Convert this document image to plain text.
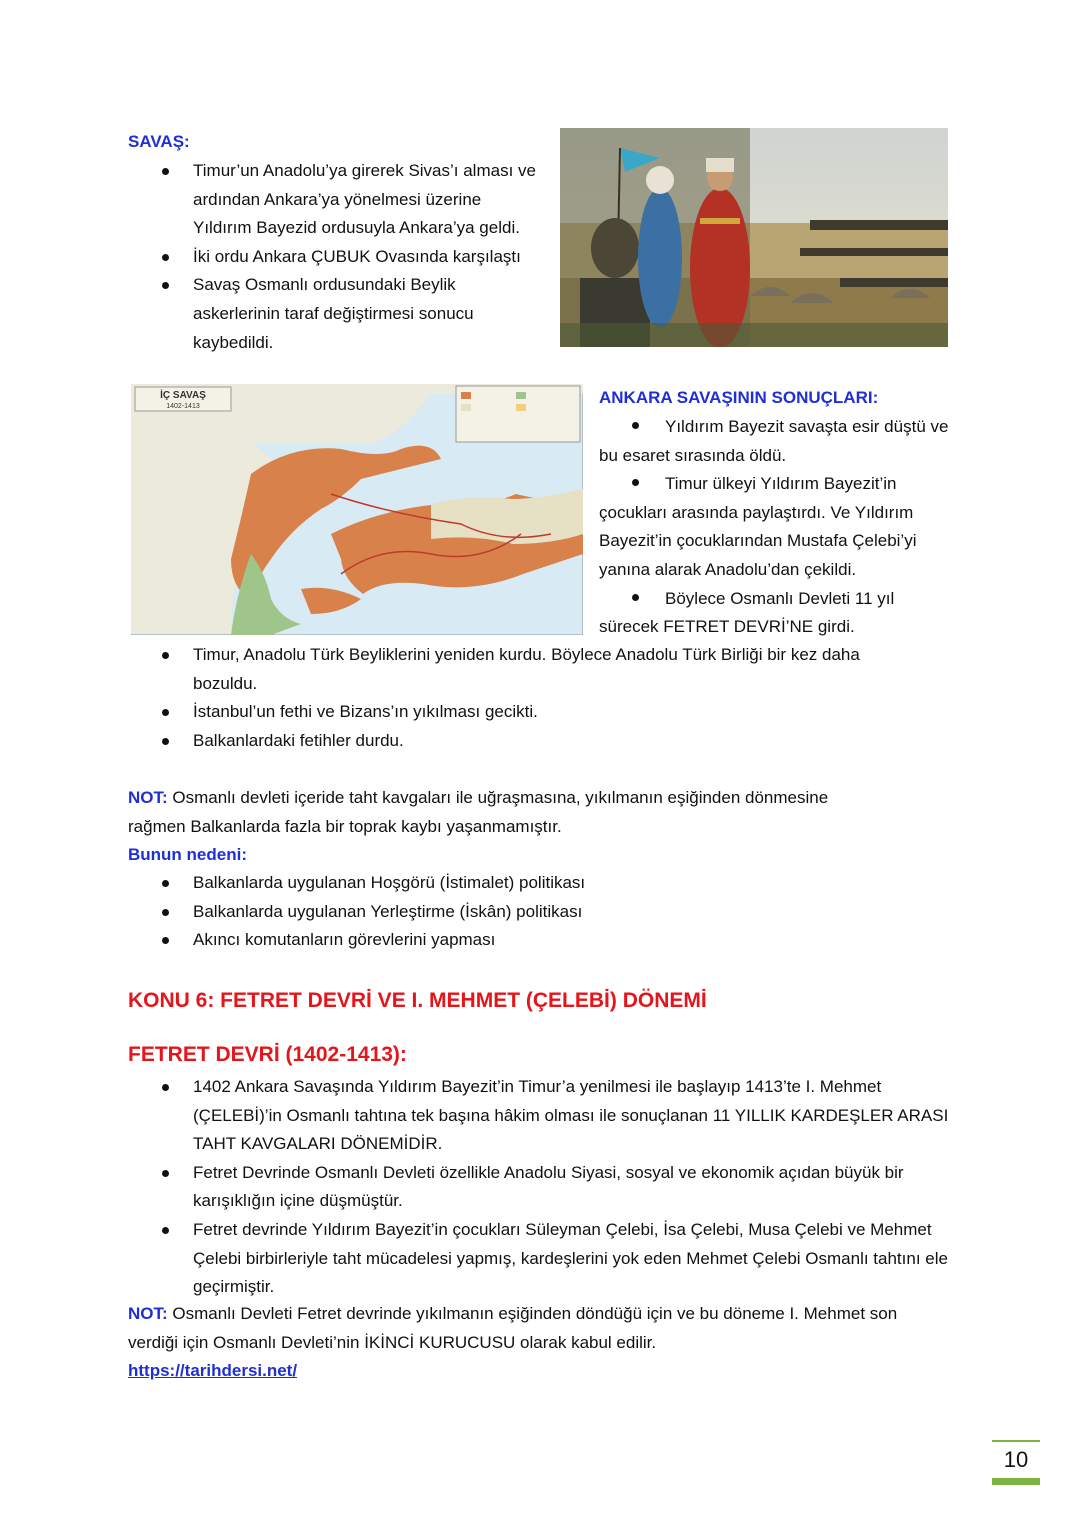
SAVAŞ:
Timur’un Anadolu’ya girerek Sivas’ı alması ve ardından Ankara’ya yönelmesi üzerine Yıldırım Bayezid ordusuyla Ankara’ya geldi.
İki ordu Ankara ÇUBUK Ovasında karşılaştı
Savaş Osmanlı ordusundaki Beylik askerlerinin taraf değiştirmesi sonucu kaybedildi.
İÇ SAVAŞ
1402-1413	ANKARA SAVAŞININ SONUÇLARI:
Yıldırım Bayezit savaşta esir düştü ve bu esaret sırasında öldü.
Timur ülkeyi Yıldırım Bayezit’in çocukları arasında paylaştırdı. Ve Yıldırım Bayezit’in çocuklarından Mustafa Çelebi’yi yanına alarak Anadolu’dan çekildi.
Böylece Osmanlı Devleti 11 yıl sürecek FETRET DEVRİ’NE girdi.
Timur, Anadolu Türk Beyliklerini yeniden kurdu. Böylece Anadolu Türk Birliği bir kez daha bozuldu.
İstanbul’un fethi ve Bizans’ın yıkılması gecikti.
Balkanlardaki fetihler durdu.
NOT: Osmanlı devleti içeride taht kavgaları ile uğraşmasına, yıkılmanın eşiğinden dönmesine rağmen Balkanlarda fazla bir toprak kaybı yaşanmamıştır.
Bunun nedeni:
Balkanlarda uygulanan Hoşgörü (İstimalet) politikası
Balkanlarda uygulanan Yerleştirme (İskân) politikası
Akıncı komutanların görevlerini yapması
KONU 6: FETRET DEVRİ VE I. MEHMET (ÇELEBİ) DÖNEMİ
FETRET DEVRİ (1402-1413):
1402 Ankara Savaşında Yıldırım Bayezit’in Timur’a yenilmesi ile başlayıp 1413’te I. Mehmet (ÇELEBİ)’in Osmanlı tahtına tek başına hâkim olması ile sonuçlanan 11 YILLIK KARDEŞLER ARASI TAHT KAVGALARI DÖNEMİDİR.
Fetret Devrinde Osmanlı Devleti özellikle Anadolu Siyasi, sosyal ve ekonomik açıdan büyük bir karışıklığın içine düşmüştür.
Fetret devrinde Yıldırım Bayezit’in çocukları Süleyman Çelebi, İsa Çelebi, Musa Çelebi ve Mehmet Çelebi birbirleriyle taht mücadelesi yapmış, kardeşlerini yok eden Mehmet Çelebi Osmanlı tahtını ele geçirmiştir.
NOT: Osmanlı Devleti Fetret devrinde yıkılmanın eşiğinden döndüğü için ve bu döneme I. Mehmet son verdiği için Osmanlı Devleti’nin İKİNCİ KURUCUSU olarak kabul edilir.
https://tarihdersi.net/
10
